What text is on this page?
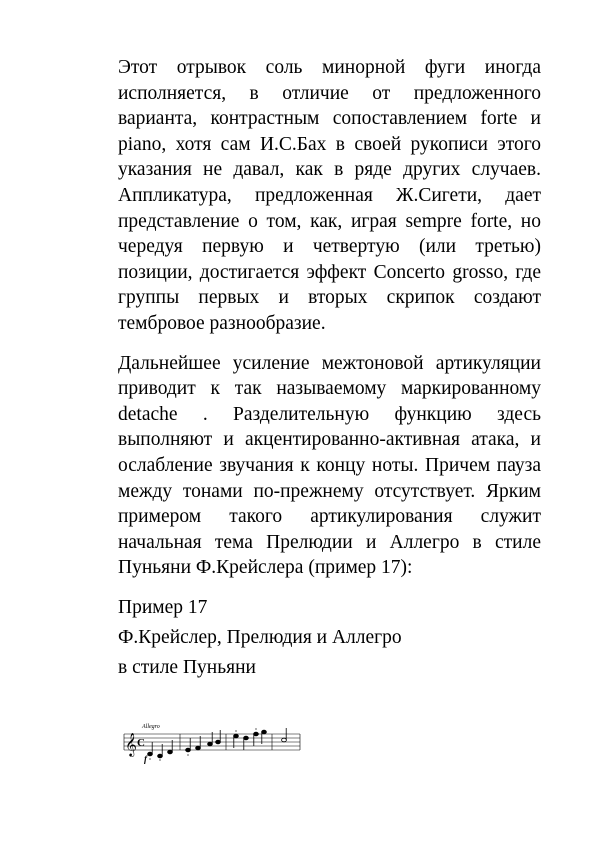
Этот отрывок соль минорной фуги иногда исполняется, в отличие от предложенного варианта, контрастным сопоставлением forte и piano, хотя сам И.С.Бах в своей рукописи этого указания не давал, как в ряде других случаев. Аппликатура, предложенная Ж.Сигети, дает представление о том, как, играя sempre forte, но чередуя первую и четвертую (или третью) позиции, достигается эффект Concerto grosso, где группы первых и вторых скрипок создают тембровое разнообразие.

Дальнейшее усиление межтоновой артикуляции приводит к так называемому маркированному detache . Разделительную функцию здесь выполняют и акцентированно-активная атака, и ослабление звучания к концу ноты. Причем пауза между тонами по-прежнему отсутствует. Ярким примером такого артикулирования служит начальная тема Прелюдии и Аллегро в стиле Пуньяни Ф.Крейслера (пример 17):

Пример 17

Ф.Крейслер, Прелюдия и Аллегро

в стиле Пуньяни

Allegro
𝄞 C
f
